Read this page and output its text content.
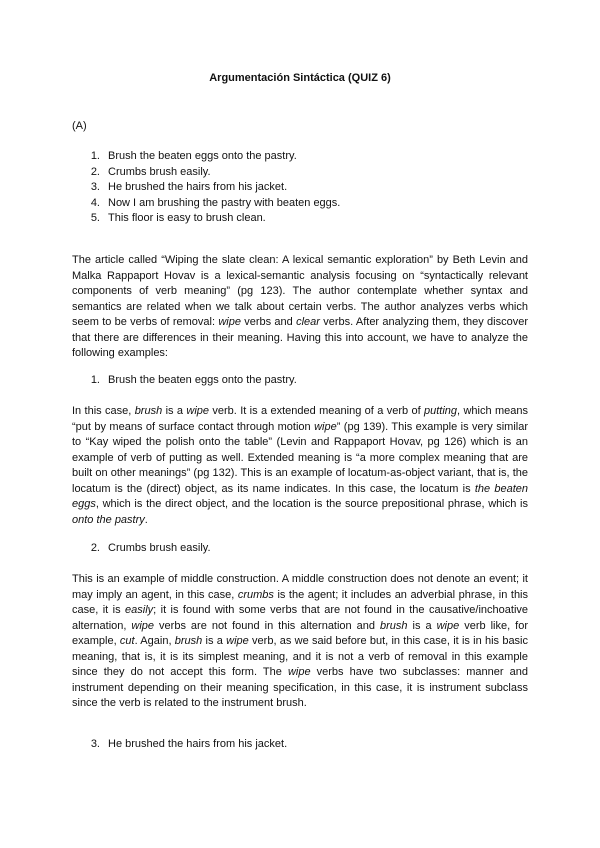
Argumentación Sintáctica (QUIZ 6)
(A)
1. Brush the beaten eggs onto the pastry.
2. Crumbs brush easily.
3. He brushed the hairs from his jacket.
4. Now I am brushing the pastry with beaten eggs.
5. This floor is easy to brush clean.

The article called “Wiping the slate clean: A lexical semantic exploration” by Beth Levin and Malka Rappaport Hovav is a lexical-semantic analysis focusing on “syntactically relevant components of verb meaning” (pg 123). The author contemplate whether syntax and semantics are related when we talk about certain verbs. The author analyzes verbs which seem to be verbs of removal: wipe verbs and clear verbs. After analyzing them, they discover that there are differences in their meaning. Having this into account, we have to analyze the following examples:

1. Brush the beaten eggs onto the pastry.

In this case, brush is a wipe verb. It is a extended meaning of a verb of putting, which means “put by means of surface contact through motion wipe” (pg 139). This example is very similar to “Kay wiped the polish onto the table” (Levin and Rappaport Hovav, pg 126) which is an example of verb of putting as well. Extended meaning is “a more complex meaning that are built on other meanings” (pg 132). This is an example of locatum-as-object variant, that is, the locatum is the (direct) object, as its name indicates. In this case, the locatum is the beaten eggs, which is the direct object, and the location is the source prepositional phrase, which is onto the pastry.

2. Crumbs brush easily.

This is an example of middle construction. A middle construction does not denote an event; it may imply an agent, in this case, crumbs is the agent; it includes an adverbial phrase, in this case, it is easily; it is found with some verbs that are not found in the causative/inchoative alternation, wipe verbs are not found in this alternation and brush is a wipe verb like, for example, cut. Again, brush is a wipe verb, as we said before but, in this case, it is in his basic meaning, that is, it is its simplest meaning, and it is not a verb of removal in this example since they do not accept this form. The wipe verbs have two subclasses: manner and instrument depending on their meaning specification, in this case, it is instrument subclass since the verb is related to the instrument brush.

3. He brushed the hairs from his jacket.
